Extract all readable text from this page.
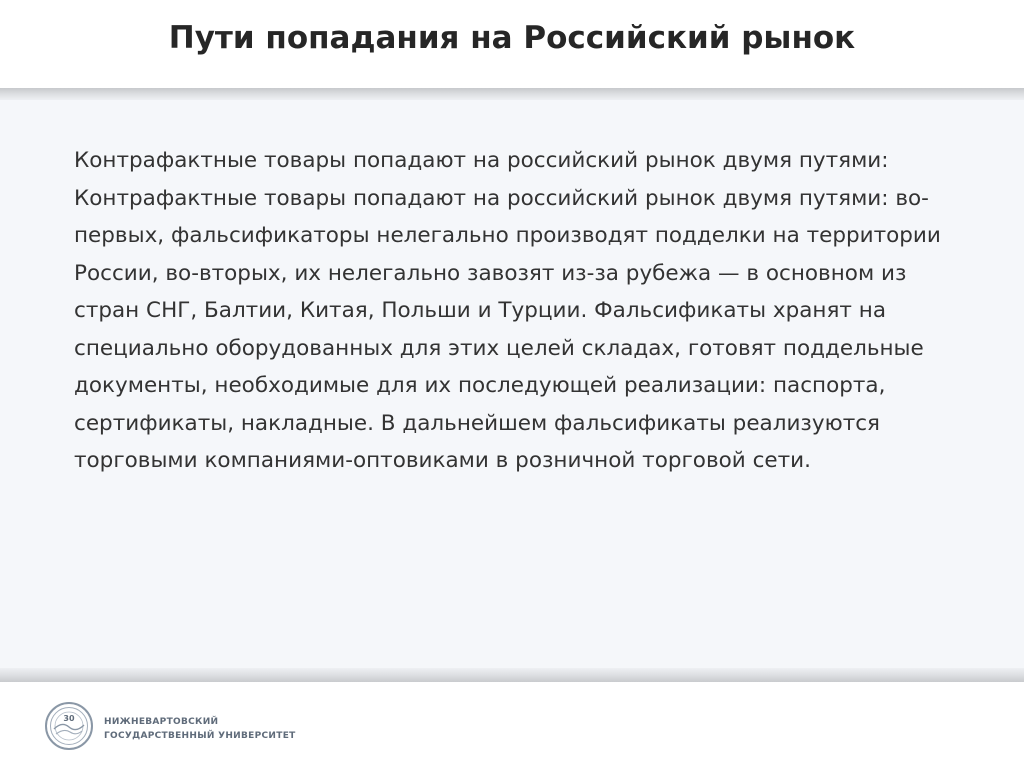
Пути попадания на Российский рынок

Контрафактные товары попадают на российский рынок двумя путями: Контрафактные товары попадают на российский рынок двумя путями: во-первых, фальсификаторы нелегально производят подделки на территории России, во-вторых, их нелегально завозят из-за рубежа — в основном из стран СНГ, Балтии, Китая, Польши и Турции. Фальсификаты хранят на специально оборудованных для этих целей складах, готовят поддельные документы, необходимые для их последующей реализации: паспорта, сертификаты, накладные. В дальнейшем фальсификаты реализуются торговыми компаниями-оптовиками в розничной торговой сети.

30	НИЖНЕВАРТОВСКИЙ
ГОСУДАРСТВЕННЫЙ УНИВЕРСИТЕТ
